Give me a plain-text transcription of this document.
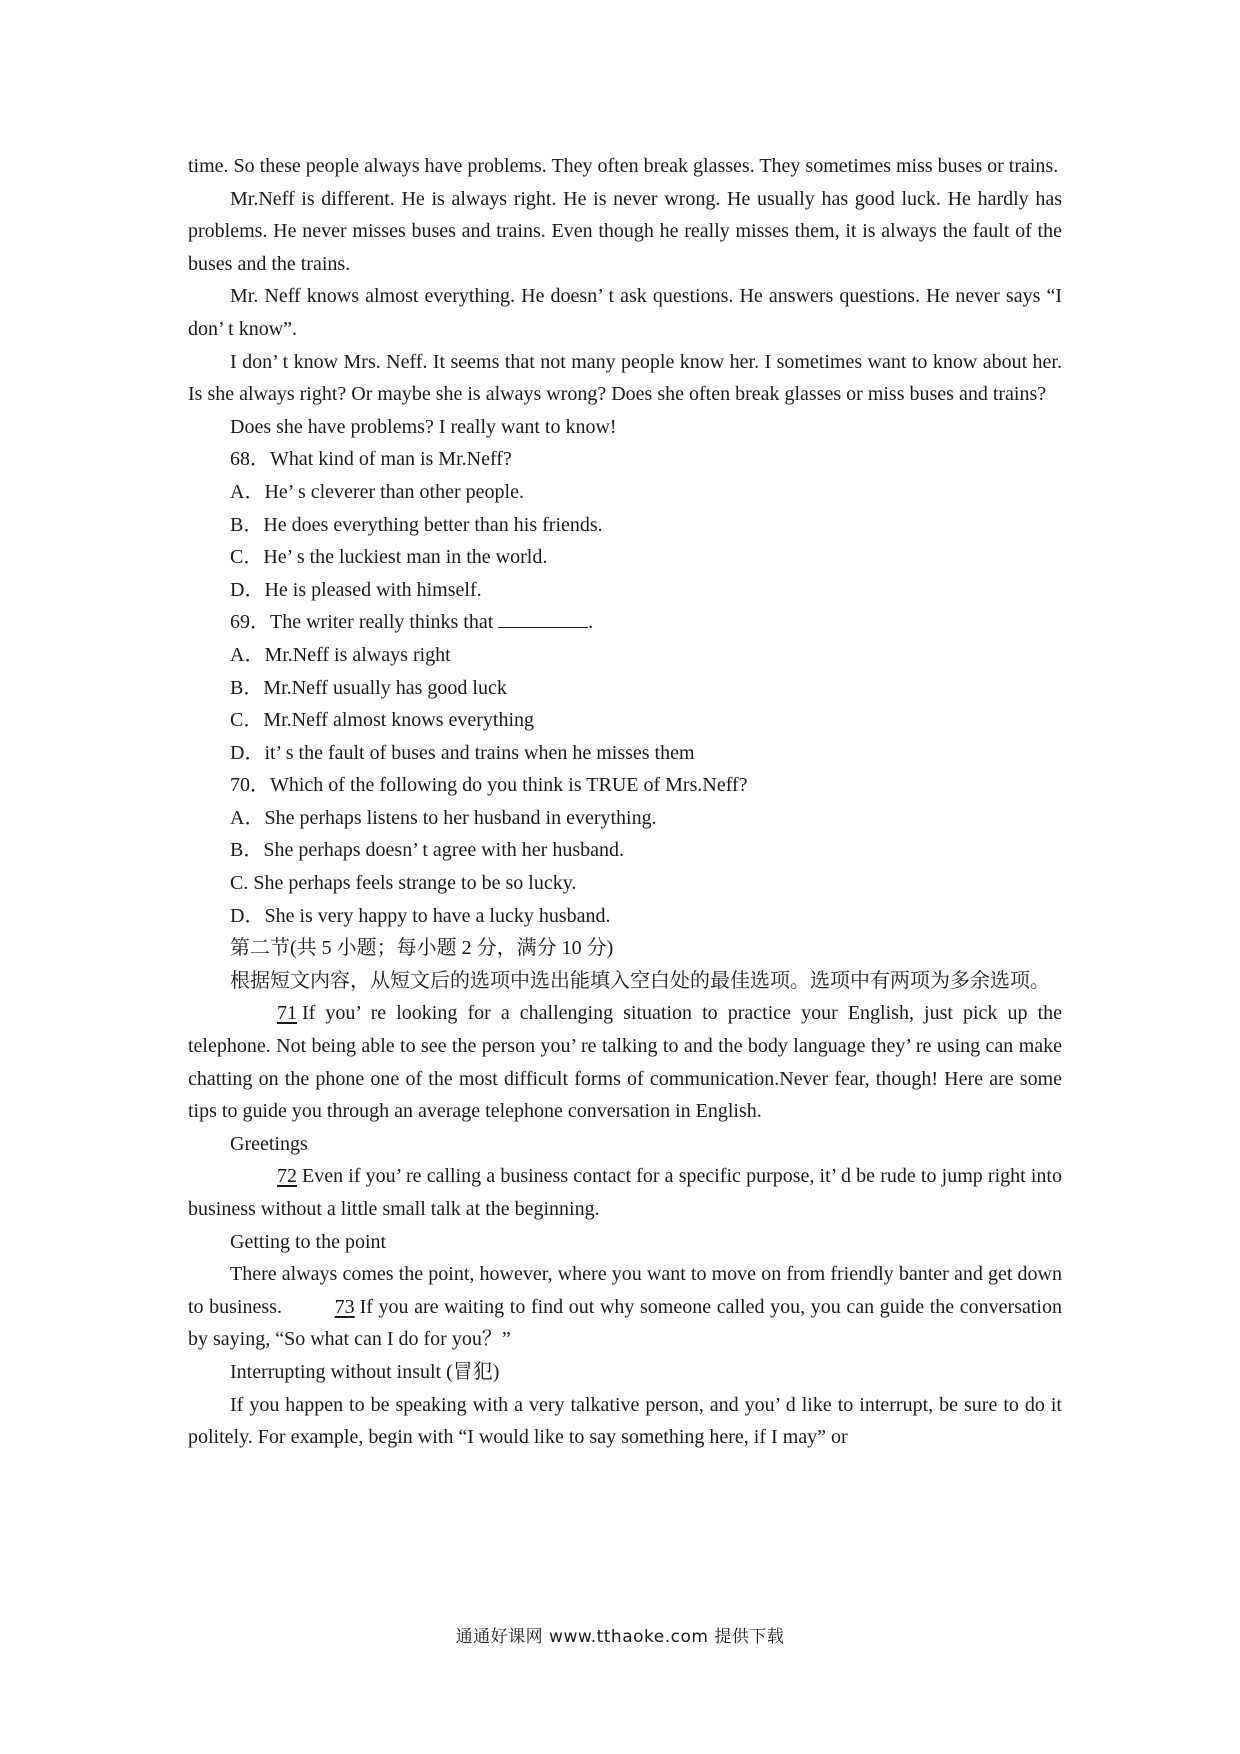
time. So these people always have problems. They often break glasses. They sometimes miss buses or trains.

Mr.Neff is different. He is always right. He is never wrong. He usually has good luck. He hardly has problems. He never misses buses and trains. Even though he really misses them, it is always the fault of the buses and the trains.

Mr. Neff knows almost everything. He doesn’ t ask questions. He answers questions. He never says “I don’ t know”.

I don’ t know Mrs. Neff. It seems that not many people know her. I sometimes want to know about her. Is she always right? Or maybe she is always wrong? Does she often break glasses or miss buses and trains?

Does she have problems? I really want to know!

68．What kind of man is Mr.Neff?

A．He’ s cleverer than other people.

B．He does everything better than his friends.

C．He’ s the luckiest man in the world.

D．He is pleased with himself.

69．The writer really thinks that	.

A．Mr.Neff is always right

B．Mr.Neff usually has good luck

C．Mr.Neff almost knows everything

D．it’ s the fault of buses and trains when he misses them

70．Which of the following do you think is TRUE of Mrs.Neff?

A．She perhaps listens to her husband in everything.

B．She perhaps doesn’ t agree with her husband.

C. She perhaps feels strange to be so lucky.

D．She is very happy to have a lucky husband.

第二节(共 5 小题；每小题 2 分，满分 10 分)

根据短文内容，从短文后的选项中选出能填入空白处的最佳选项。选项中有两项为多余选项。

71 If you’ re looking for a challenging situation to practice your English, just pick up the telephone. Not being able to see the person you’ re talking to and the body language they’ re using can make chatting on the phone one of the most difficult forms of communication.Never fear, though! Here are some tips to guide you through an average telephone conversation in English.

Greetings

72 Even if you’ re calling a business contact for a specific purpose, it’ d be rude to jump right into business without a little small talk at the beginning.

Getting to the point

There always comes the point, however, where you want to move on from friendly banter and get down to business. 73 If you are waiting to find out why someone called you, you can guide the conversation by saying, “So what can I do for you？”

Interrupting without insult (冒犯)

If you happen to be speaking with a very talkative person, and you’ d like to interrupt, be sure to do it politely. For example, begin with “I would like to say something here, if I may” or

通通好课网 www.tthaoke.com 提供下载
